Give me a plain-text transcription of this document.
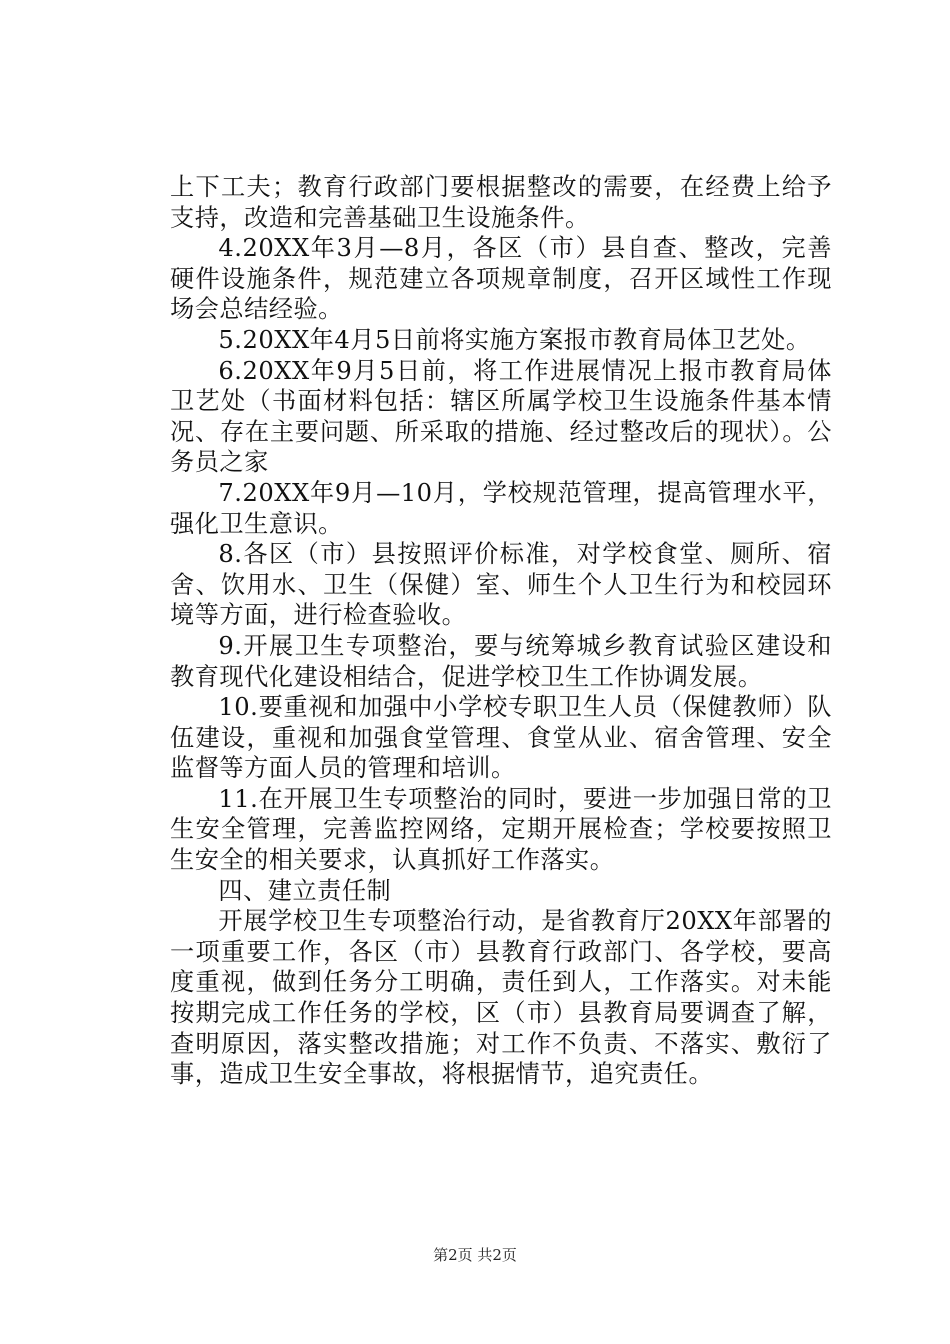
上下工夫；教育行政部门要根据整改的需要，在经费上给予支持，改造和完善基础卫生设施条件。

4.20XX年3月—8月，各区（市）县自查、整改，完善硬件设施条件，规范建立各项规章制度，召开区域性工作现场会总结经验。

5.20XX年4月5日前将实施方案报市教育局体卫艺处。

6.20XX年9月5日前，将工作进展情况上报市教育局体卫艺处（书面材料包括：辖区所属学校卫生设施条件基本情况、存在主要问题、所采取的措施、经过整改后的现状）。公务员之家

7.20XX年9月—10月，学校规范管理，提高管理水平，强化卫生意识。

8.各区（市）县按照评价标准，对学校食堂、厕所、宿舍、饮用水、卫生（保健）室、师生个人卫生行为和校园环境等方面，进行检查验收。

9.开展卫生专项整治，要与统筹城乡教育试验区建设和教育现代化建设相结合，促进学校卫生工作协调发展。

10.要重视和加强中小学校专职卫生人员（保健教师）队伍建设，重视和加强食堂管理、食堂从业、宿舍管理、安全监督等方面人员的管理和培训。

11.在开展卫生专项整治的同时，要进一步加强日常的卫生安全管理，完善监控网络，定期开展检查；学校要按照卫生安全的相关要求，认真抓好工作落实。

四、建立责任制

开展学校卫生专项整治行动，是省教育厅20XX年部署的一项重要工作，各区（市）县教育行政部门、各学校，要高度重视，做到任务分工明确，责任到人，工作落实。对未能按期完成工作任务的学校，区（市）县教育局要调查了解，查明原因，落实整改措施；对工作不负责、不落实、敷衍了事，造成卫生安全事故，将根据情节，追究责任。

第2页 共2页
